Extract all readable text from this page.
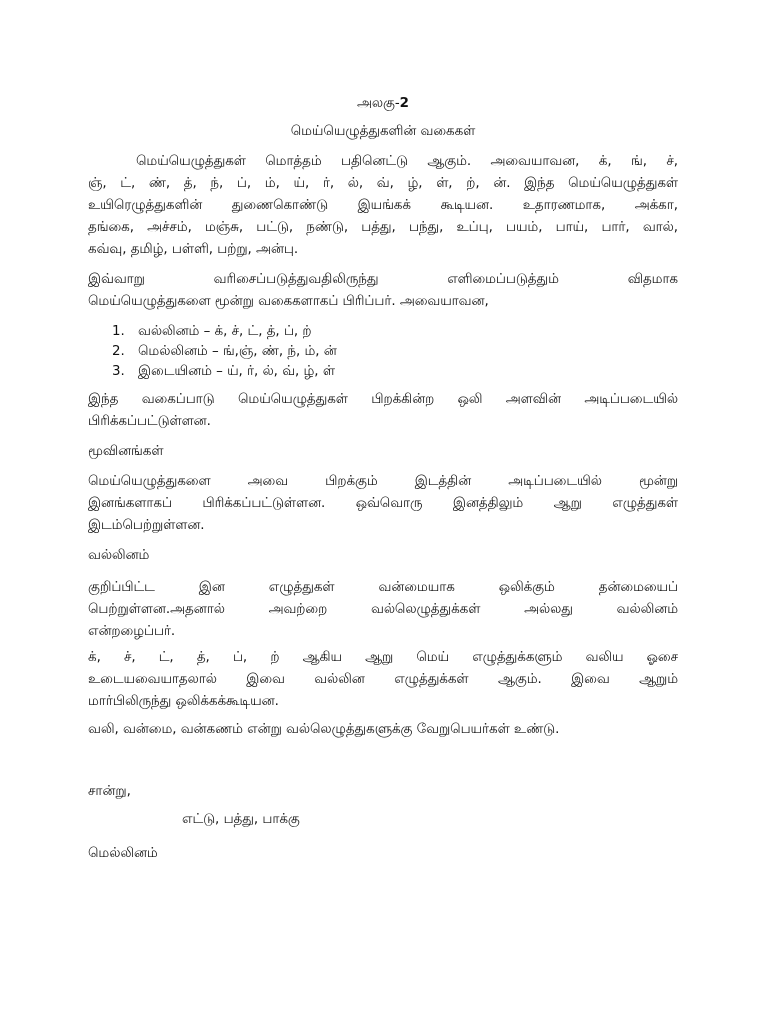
அலகு-2
மெய்யெழுத்துகளின் வகைகள்
மெய்யெழுத்துகள் மொத்தம் பதினெட்டு ஆகும். அவையாவன, க், ங், ச்,
ஞ், ட், ண், த், ந், ப், ம், ய், ர், ல், வ், ழ், ள், ற், ன். இந்த மெய்யெழுத்துகள்
உயிரெழுத்துகளின் துணைகொண்டு இயங்கக் கூடியன. உதாரணமாக, அக்கா,
தங்கை, அச்சம், மஞ்சு, பட்டு, நண்டு, பத்து, பந்து, உப்பு, பயம், பாய், பார், வால்,
கவ்வு, தமிழ், பள்ளி, பற்று, அன்பு.
இவ்வாறு வரிசைப்படுத்துவதிலிருந்து எளிமைப்படுத்தும் விதமாக
மெய்யெழுத்துகளை மூன்று வகைகளாகப் பிரிப்பர். அவையாவன,
1. வல்லினம் – க், ச், ட், த், ப், ற்
2. மெல்லினம் – ங்,ஞ், ண், ந், ம், ன்
3. இடையினம் – ய், ர், ல், வ், ழ், ள்
இந்த வகைப்பாடு மெய்யெழுத்துகள் பிறக்கின்ற ஒலி அளவின் அடிப்படையில்
பிரிக்கப்பட்டுள்ளன.
மூவினங்கள்
மெய்யெழுத்துகளை அவை பிறக்கும் இடத்தின் அடிப்படையில் மூன்று
இனங்களாகப் பிரிக்கப்பட்டுள்ளன. ஒவ்வொரு இனத்திலும் ஆறு எழுத்துகள்
இடம்பெற்றுள்ளன.
வல்லினம்
குறிப்பிட்ட இன எழுத்துகள் வன்மையாக ஒலிக்கும் தன்மையைப்
பெற்றுள்ளன.அதனால் அவற்றை வல்லெழுத்துக்கள் அல்லது வல்லினம்
என்றழைப்பர்.
க், ச், ட், த், ப், ற் ஆகிய ஆறு மெய் எழுத்துக்களும் வலிய ஓசை
உடையவையாதலால் இவை வல்லின எழுத்துக்கள் ஆகும். இவை ஆறும்
மார்பிலிருந்து ஒலிக்கக்கூடியன.
வலி, வன்மை, வன்கணம் என்று வல்லெழுத்துகளுக்கு வேறுபெயர்கள் உண்டு.
சான்று,
எட்டு, பத்து, பாக்கு
மெல்லினம்
